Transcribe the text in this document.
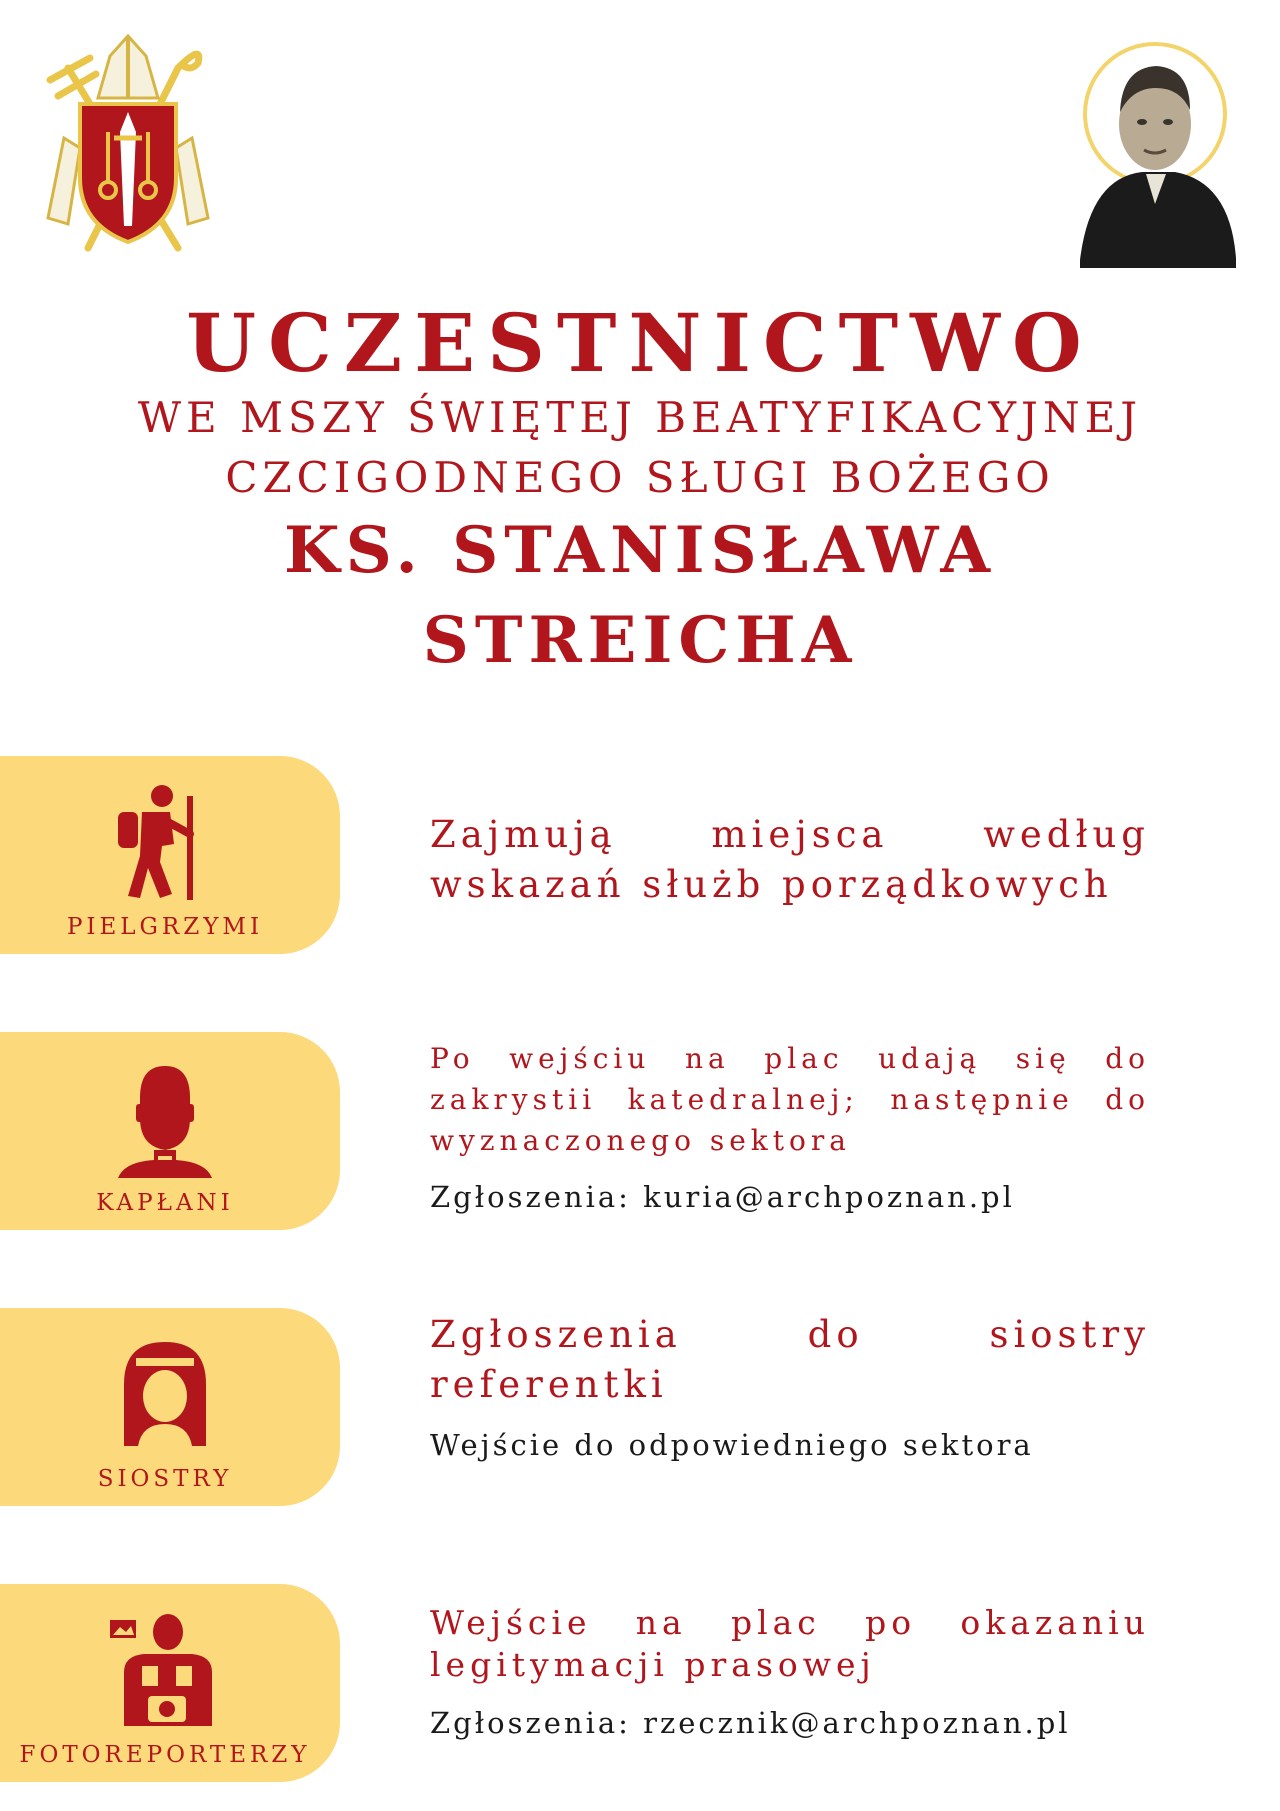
UCZESTNICTWO
WE MSZY ŚWIĘTEJ BEATYFIKACYJNEJ
CZCIGODNEGO SŁUGI BOŻEGO
KS. STANISŁAWA
STREICHA
PIELGRZYMI

Zajmują miejsca według wskazań służb porządkowych

KAPŁANI

Po wejściu na plac udają się do zakrystii katedralnej; następnie do wyznaczonego sektora

Zgłoszenia: kuria@archpoznan.pl

SIOSTRY

Zgłoszenia do siostry referentki

Wejście do odpowiedniego sektora

FOTOREPORTERZY

Wejście na plac po okazaniu legitymacji prasowej

Zgłoszenia: rzecznik@archpoznan.pl
